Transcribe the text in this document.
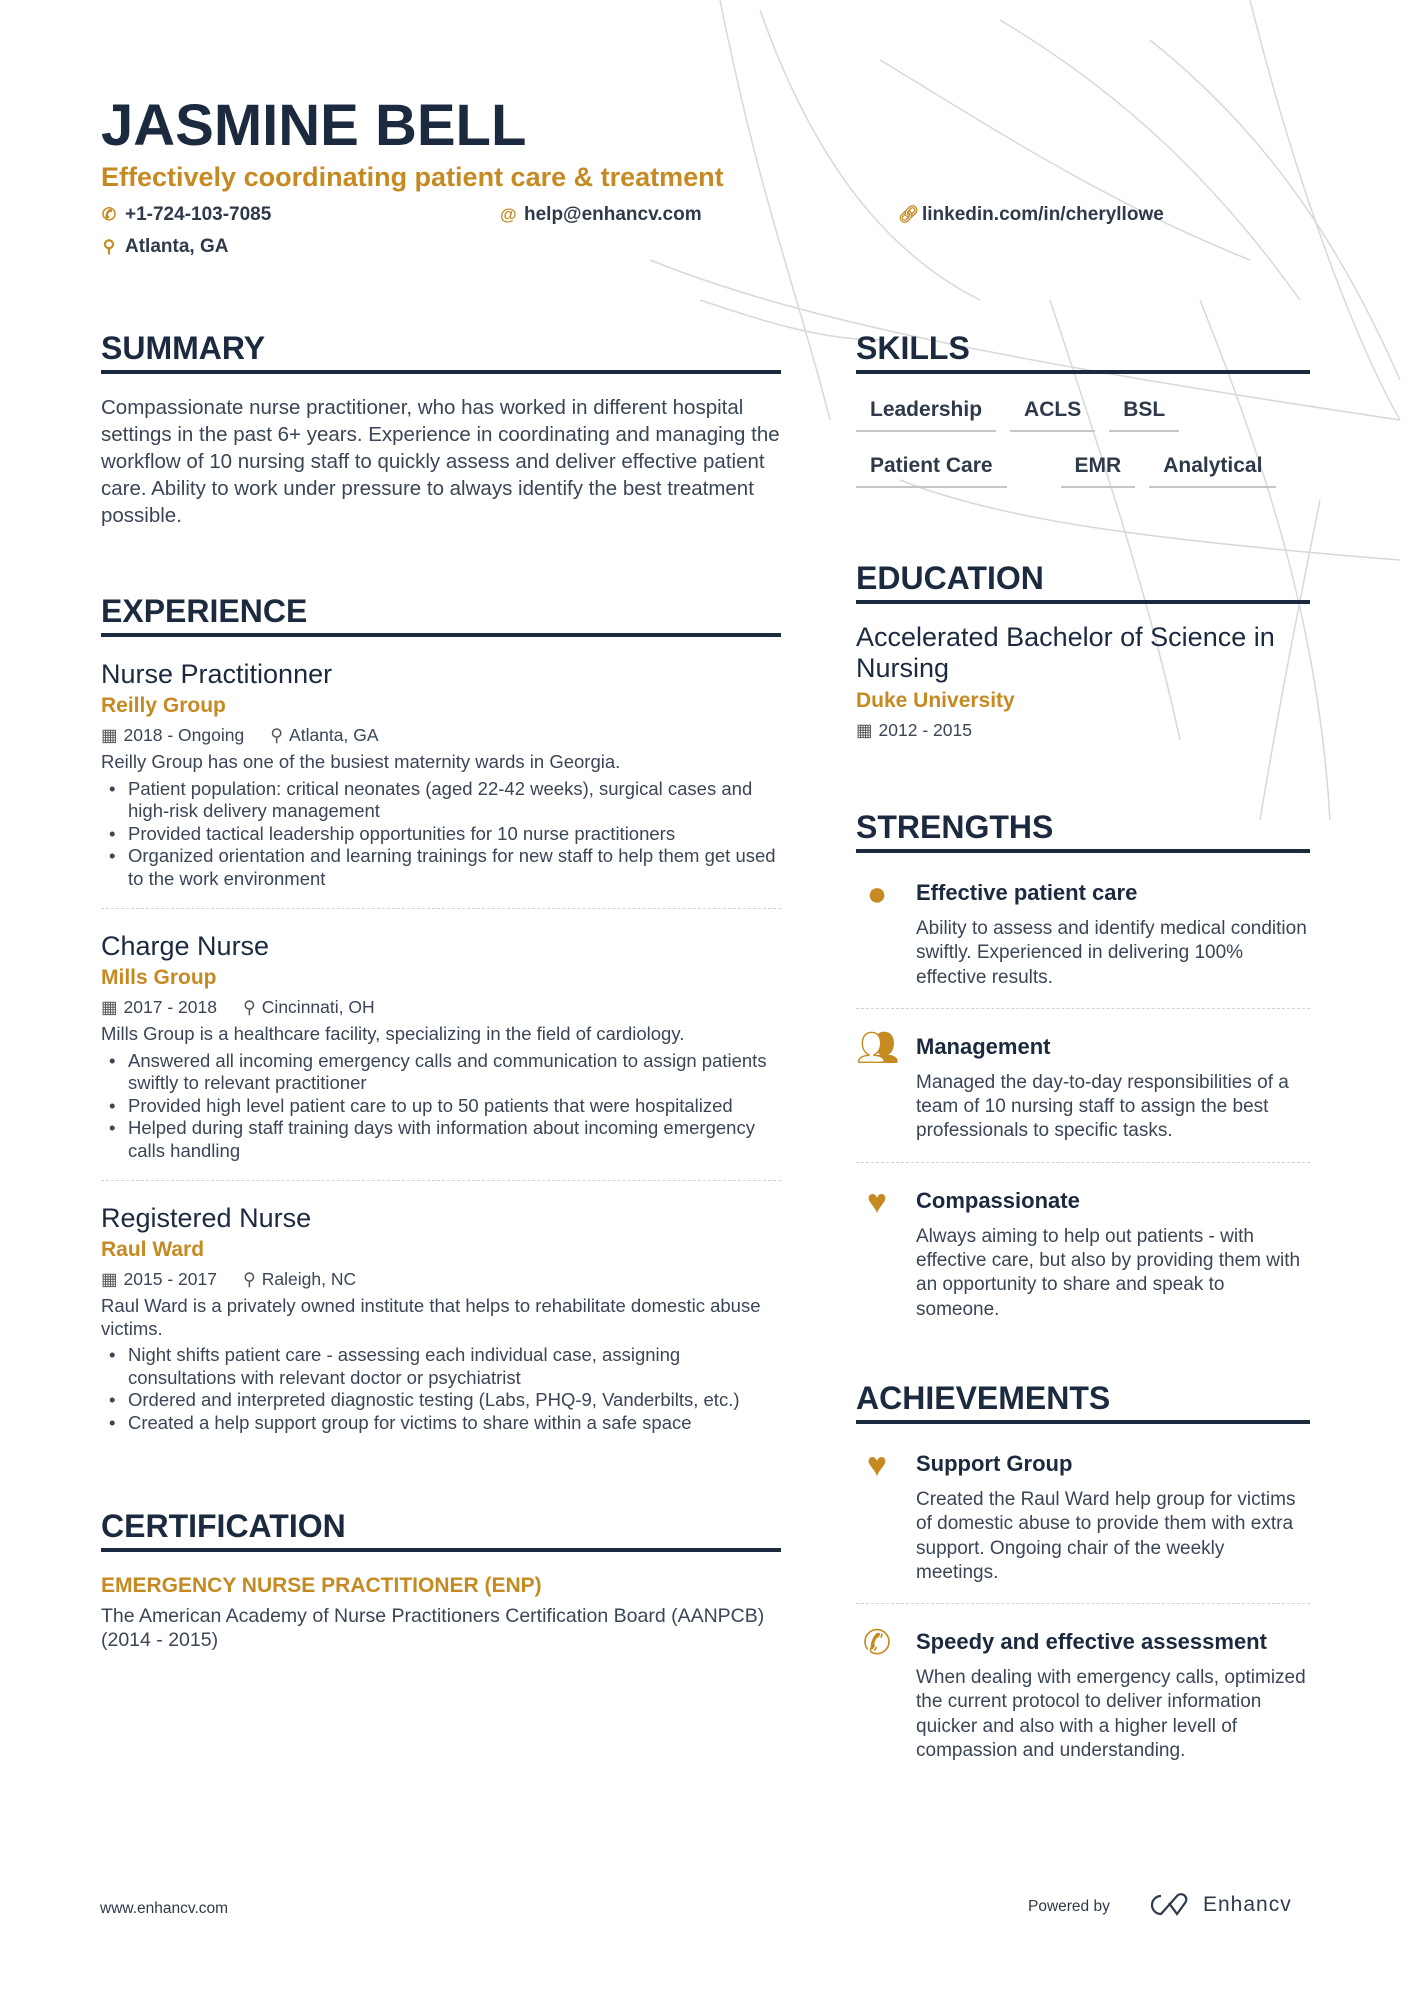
JASMINE BELL
Effectively coordinating patient care & treatment
✆ +1-724-103-7085	@ help@enhancv.com	🔗︎ linkedin.com/in/cheryllowe
⚲ Atlanta, GA
SUMMARY
Compassionate nurse practitioner, who has worked in different hospital settings in the past 6+ years. Experience in coordinating and managing the workflow of 10 nursing staff to quickly assess and deliver effective patient care. Ability to work under pressure to always identify the best treatment possible.
EXPERIENCE
Nurse Practitionner
Reilly Group
▦ 2018 - Ongoing ⚲ Atlanta, GA
Reilly Group has one of the busiest maternity wards in Georgia.
• Patient population: critical neonates (aged 22-42 weeks), surgical cases and high-risk delivery management
• Provided tactical leadership opportunities for 10 nurse practitioners
• Organized orientation and learning trainings for new staff to help them get used to the work environment
Charge Nurse
Mills Group
▦ 2017 - 2018 ⚲ Cincinnati, OH
Mills Group is a healthcare facility, specializing in the field of cardiology.
• Answered all incoming emergency calls and communication to assign patients swiftly to relevant practitioner
• Provided high level patient care to up to 50 patients that were hospitalized
• Helped during staff training days with information about incoming emergency calls handling
Registered Nurse
Raul Ward
▦ 2015 - 2017 ⚲ Raleigh, NC
Raul Ward is a privately owned institute that helps to rehabilitate domestic abuse victims.
• Night shifts patient care - assessing each individual case, assigning consultations with relevant doctor or psychiatrist
• Ordered and interpreted diagnostic testing (Labs, PHQ-9, Vanderbilts, etc.)
• Created a help support group for victims to share within a safe space
CERTIFICATION
EMERGENCY NURSE PRACTITIONER (ENP)
The American Academy of Nurse Practitioners Certification Board (AANPCB) (2014 - 2015)
SKILLS
Leadership	ACLS	BSL
Patient Care	EMR	Analytical
EDUCATION
Accelerated Bachelor of Science in Nursing
Duke University
▦ 2012 - 2015
STRENGTHS
●	Effective patient care
Ability to assess and identify medical condition swiftly. Experienced in delivering 100% effective results.
👥︎ Management
Managed the day-to-day responsibilities of a team of 10 nursing staff to assign the best professionals to specific tasks.
♥	Compassionate
Always aiming to help out patients - with effective care, but also by providing them with an opportunity to share and speak to someone.
ACHIEVEMENTS
♥	Support Group
Created the Raul Ward help group for victims of domestic abuse to provide them with extra support. Ongoing chair of the weekly meetings.
✆	Speedy and effective assessment
When dealing with emergency calls, optimized the current protocol to deliver information quicker and also with a higher levell of compassion and understanding.
www.enhancv.com	Powered by	Enhancv
